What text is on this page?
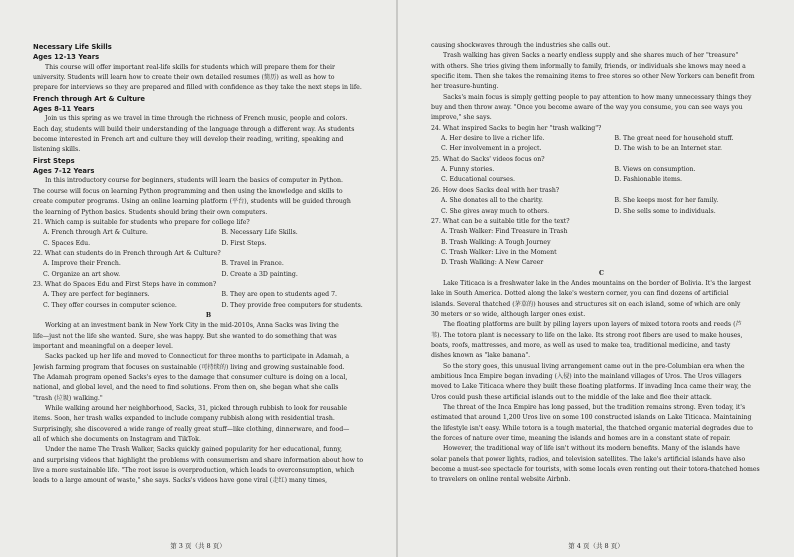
Necessary Life Skills
Ages 12-13 Years
This course will offer important real-life skills for students which will prepare them for their
university. Students will learn how to create their own detailed resumes (简历) as well as how to
prepare for interviews so they are prepared and filled with confidence as they take the next steps in life.
French through Art & Culture
Ages 8-11 Years
Join us this spring as we travel in time through the richness of French music, people and colors.
Each day, students will build their understanding of the language through a different way. As students
become interested in French art and culture they will develop their reading, writing, speaking and
listening skills.
First Steps
Ages 7-12 Years
In this introductory course for beginners, students will learn the basics of computer in Python.
The course will focus on learning Python programming and then using the knowledge and skills to
create computer programs. Using an online learning platform (平台), students will be guided through
the learning of Python basics. Students should bring their own computers.
21. Which camp is suitable for students who prepare for college life?
A. French through Art & Culture.	B. Necessary Life Skills.
C. Spaces Edu.	D. First Steps.
22. What can students do in French through Art & Culture?
A. Improve their French.	B. Travel in France.
C. Organize an art show.	D. Create a 3D painting.
23. What do Spaces Edu and First Steps have in common?
A. They are perfect for beginners.	B. They are open to students aged 7.
C. They offer courses in computer science.	D. They provide free computers for students.
B
Working at an investment bank in New York City in the mid-2010s, Anna Sacks was living the
life—just not the life she wanted. Sure, she was happy. But she wanted to do something that was
important and meaningful on a deeper level.
Sacks packed up her life and moved to Connecticut for three months to participate in Adamah, a
Jewish farming program that focuses on sustainable (可持续的) living and growing sustainable food.
The Adamah program opened Sacks's eyes to the damage that consumer culture is doing on a local,
national, and global level, and the need to find solutions. From then on, she began what she calls
"trash (垃圾) walking."
While walking around her neighborhood, Sacks, 31, picked through rubbish to look for reusable
items. Soon, her trash walks expanded to include company rubbish along with residential trash.
Surprisingly, she discovered a wide range of really great stuff—like clothing, dinnerware, and food—
all of which she documents on Instagram and TikTok.
Under the name The Trash Walker, Sacks quickly gained popularity for her educational, funny,
and surprising videos that highlight the problems with consumerism and share information about how to
live a more sustainable life. "The root issue is overproduction, which leads to overconsumption, which
leads to a large amount of waste," she says. Sacks's videos have gone viral (走红) many times,
第 3 页（共 8 页）
causing shockwaves through the industries she calls out.
Trash walking has given Sacks a nearly endless supply and she shares much of her "treasure"
with others. She tries giving them informally to family, friends, or individuals she knows may need a
specific item. Then she takes the remaining items to free stores so other New Yorkers can benefit from
her treasure-hunting.
Sacks's main focus is simply getting people to pay attention to how many unnecessary things they
buy and then throw away. "Once you become aware of the way you consume, you can see ways you
improve," she says.
24. What inspired Sacks to begin her "trash walking"?
A. Her desire to live a richer life.	B. The great need for household stuff.
C. Her involvement in a project.	D. The wish to be an Internet star.
25. What do Sacks' videos focus on?
A. Funny stories.	B. Views on consumption.
C. Educational courses.	D. Fashionable items.
26. How does Sacks deal with her trash?
A. She donates all to the charity.	B. She keeps most for her family.
C. She gives away much to others.	D. She sells some to individuals.
27. What can be a suitable title for the text?
A. Trash Walker: Find Treasure in Trash
B. Trash Walking: A Tough Journey
C. Trash Walker: Live in the Moment
D. Trash Walking: A New Career
C
Lake Titicaca is a freshwater lake in the Andes mountains on the border of Bolivia. It's the largest
lake in South America. Dotted along the lake's western corner, you can find dozens of artificial
islands. Several thatched (茅草的) houses and structures sit on each island, some of which are only
30 meters or so wide, although larger ones exist.
The floating platforms are built by piling layers upon layers of mixed totora roots and reeds (芦
苇). The totora plant is necessary to life on the lake. Its strong root fibers are used to make houses,
boats, roofs, mattresses, and more, as well as used to make tea, traditional medicine, and tasty
dishes known as "lake banana".
So the story goes, this unusual living arrangement came out in the pre-Columbian era when the
ambitious Inca Empire began invading (入侵) into the mainland villages of Uros. The Uros villagers
moved to Lake Titicaca where they built these floating platforms. If invading Inca came their way, the
Uros could push these artificial islands out to the middle of the lake and flee their attack.
The threat of the Inca Empire has long passed, but the tradition remains strong. Even today, it's
estimated that around 1,200 Uros live on some 100 constructed islands on Lake Titicaca. Maintaining
the lifestyle isn't easy. While totora is a tough material, the thatched organic material degrades due to
the forces of nature over time, meaning the islands and homes are in a constant state of repair.
However, the traditional way of life isn't without its modern benefits. Many of the islands have
solar panels that power lights, radios, and television satellites. The lake's artificial islands have also
become a must-see spectacle for tourists, with some locals even renting out their totora-thatched homes
to travelers on online rental website Airbnb.
第 4 页（共 8 页）
